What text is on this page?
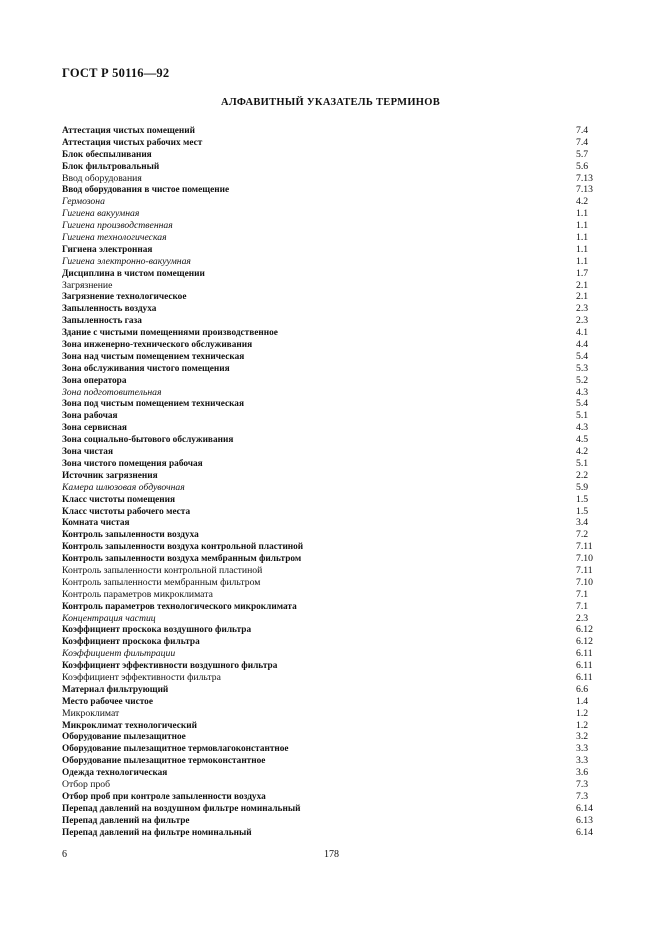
ГОСТ Р 50116—92
АЛФАВИТНЫЙ УКАЗАТЕЛЬ ТЕРМИНОВ
Аттестация чистых помещений	7.4
Аттестация чистых рабочих мест	7.4
Блок обеспыливания	5.7
Блок фильтровальный	5.6
Ввод оборудования	7.13
Ввод оборудования в чистое помещение	7.13
Гермозона	4.2
Гигиена вакуумная	1.1
Гигиена производственная	1.1
Гигиена технологическая	1.1
Гигиена электронная	1.1
Гигиена электронно-вакуумная	1.1
Дисциплина в чистом помещении	1.7
Загрязнение	2.1
Загрязнение технологическое	2.1
Запыленность воздуха	2.3
Запыленность газа	2.3
Здание с чистыми помещениями производственное	4.1
Зона инженерно-технического обслуживания	4.4
Зона над чистым помещением техническая	5.4
Зона обслуживания чистого помещения	5.3
Зона оператора	5.2
Зона подготовительная	4.3
Зона под чистым помещением техническая	5.4
Зона рабочая	5.1
Зона сервисная	4.3
Зона социально-бытового обслуживания	4.5
Зона чистая	4.2
Зона чистого помещения рабочая	5.1
Источник загрязнения	2.2
Камера шлюзовая обдувочная	5.9
Класс чистоты помещения	1.5
Класс чистоты рабочего места	1.5
Комната чистая	3.4
Контроль запыленности воздуха	7.2
Контроль запыленности воздуха контрольной пластиной	7.11
Контроль запыленности воздуха мембранным фильтром	7.10
Контроль запыленности контрольной пластиной	7.11
Контроль запыленности мембранным фильтром	7.10
Контроль параметров микроклимата	7.1
Контроль параметров технологического микроклимата	7.1
Концентрация частиц	2.3
Коэффициент проскока воздушного фильтра	6.12
Коэффициент проскока фильтра	6.12
Коэффициент фильтрации	6.11
Коэффициент эффективности воздушного фильтра	6.11
Коэффициент эффективности фильтра	6.11
Материал фильтрующий	6.6
Место рабочее чистое	1.4
Микроклимат	1.2
Микроклимат технологический	1.2
Оборудование пылезащитное	3.2
Оборудование пылезащитное термовлагоконстантное	3.3
Оборудование пылезащитное термоконстантное	3.3
Одежда технологическая	3.6
Отбор проб	7.3
Отбор проб при контроле запыленности воздуха	7.3
Перепад давлений на воздушном фильтре номинальный	6.14
Перепад давлений на фильтре	6.13
Перепад давлений на фильтре номинальный	6.14
6	178
